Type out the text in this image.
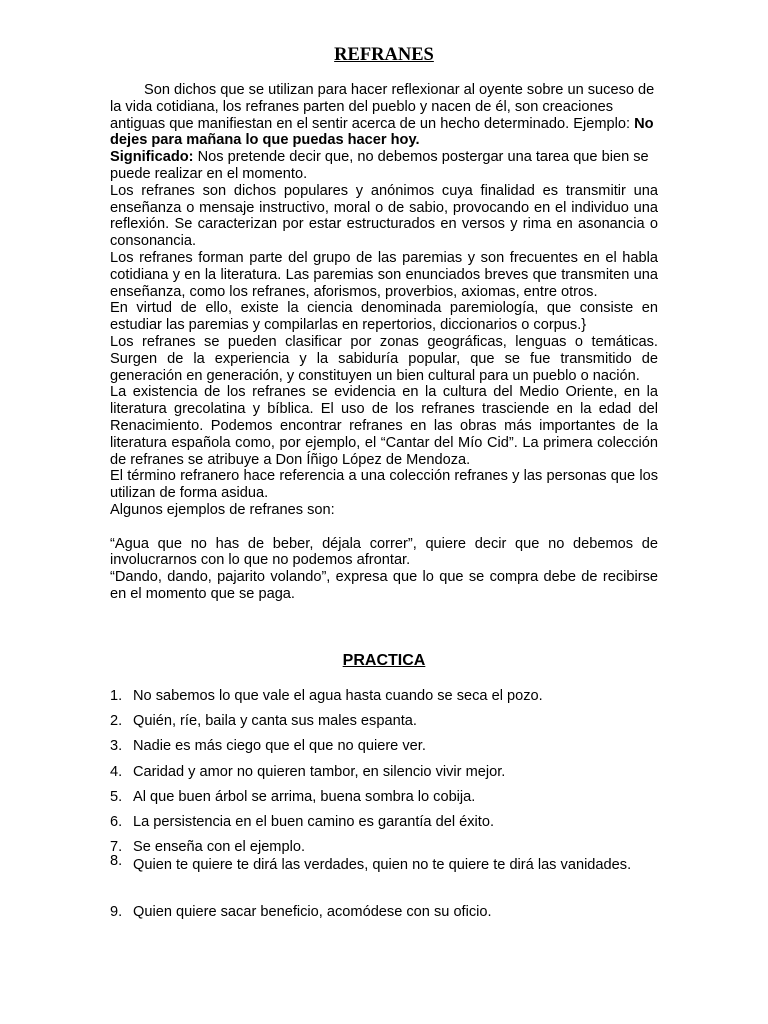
REFRANES

Son dichos que se utilizan para hacer reflexionar al oyente sobre un suceso de la vida cotidiana, los refranes parten del pueblo y nacen de él, son creaciones antiguas que manifiestan en el sentir acerca de un hecho determinado. Ejemplo: No dejes para mañana lo que puedas hacer hoy.

Significado: Nos pretende decir que, no debemos postergar una tarea que bien se puede realizar en el momento.

Los refranes son dichos populares y anónimos cuya finalidad es transmitir una enseñanza o mensaje instructivo, moral o de sabio, provocando en el individuo una reflexión. Se caracterizan por estar estructurados en versos y rima en asonancia o consonancia.

Los refranes forman parte del grupo de las paremias y son frecuentes en el habla cotidiana y en la literatura. Las paremias son enunciados breves que transmiten una enseñanza, como los refranes, aforismos, proverbios, axiomas, entre otros.

En virtud de ello, existe la ciencia denominada paremiología, que consiste en estudiar las paremias y compilarlas en repertorios, diccionarios o corpus.}

Los refranes se pueden clasificar por zonas geográficas, lenguas o temáticas. Surgen de la experiencia y la sabiduría popular, que se fue transmitido de generación en generación, y constituyen un bien cultural para un pueblo o nación.

La existencia de los refranes se evidencia en la cultura del Medio Oriente, en la literatura grecolatina y bíblica. El uso de los refranes trasciende en la edad del Renacimiento. Podemos encontrar refranes en las obras más importantes de la literatura española como, por ejemplo, el “Cantar del Mío Cid”. La primera colección de refranes se atribuye a Don Íñigo López de Mendoza.

El término refranero hace referencia a una colección refranes y las personas que los utilizan de forma asidua.

Algunos ejemplos de refranes son:

“Agua que no has de beber, déjala correr”, quiere decir que no debemos de involucrarnos con lo que no podemos afrontar.

“Dando, dando, pajarito volando”, expresa que lo que se compra debe de recibirse en el momento que se paga.

PRACTICA
1. No sabemos lo que vale el agua hasta cuando se seca el pozo.
2. Quién, ríe, baila y canta sus males espanta.
3. Nadie es más ciego que el que no quiere ver.
4. Caridad y amor no quieren tambor, en silencio vivir mejor.
5. Al que buen árbol se arrima, buena sombra lo cobija.
6. La persistencia en el buen camino es garantía del éxito.
7. Se enseña con el ejemplo.
8. Quien te quiere te dirá las verdades, quien no te quiere te dirá las vanidades.
9. Quien quiere sacar beneficio, acomódese con su oficio.
